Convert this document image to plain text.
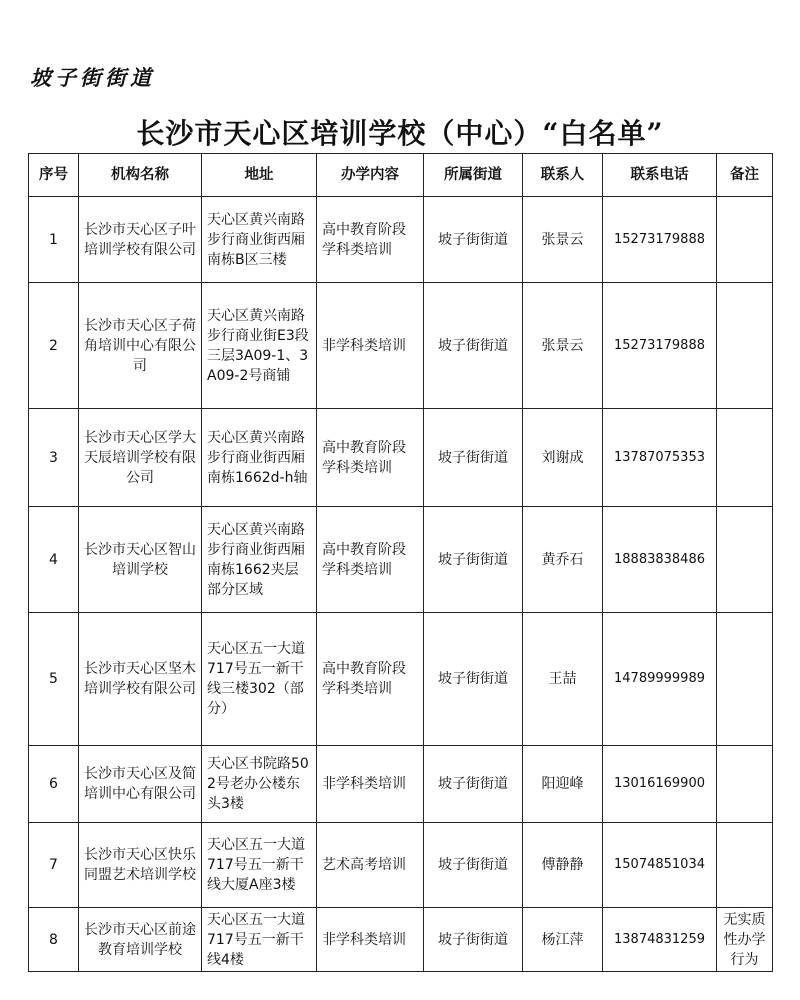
坡子街街道
长沙市天心区培训学校（中心）“白名单”
序号	机构名称	地址	办学内容	所属街道	联系人	联系电话	备注
1	长沙市天心区子叶培训学校有限公司	天心区黄兴南路步行商业街西厢南栋B区三楼	高中教育阶段学科类培训	坡子街街道	张景云	15273179888	
2	长沙市天心区子荷角培训中心有限公司	天心区黄兴南路步行商业街E3段三层3A09-1、3A09-2号商铺	非学科类培训	坡子街街道	张景云	15273179888	
3	长沙市天心区学大天辰培训学校有限公司	天心区黄兴南路步行商业街西厢南栋1662d-h轴	高中教育阶段学科类培训	坡子街街道	刘谢成	13787075353	
4	长沙市天心区智山培训学校	天心区黄兴南路步行商业街西厢南栋1662夹层部分区域	高中教育阶段学科类培训	坡子街街道	黄乔石	18883838486	
5	长沙市天心区坚木培训学校有限公司	天心区五一大道717号五一新干线三楼302（部分）	高中教育阶段学科类培训	坡子街街道	王喆	14789999989	
6	长沙市天心区及简培训中心有限公司	天心区书院路502号老办公楼东头3楼	非学科类培训	坡子街街道	阳迎峰	13016169900	
7	长沙市天心区快乐同盟艺术培训学校	天心区五一大道717号五一新干线大厦A座3楼	艺术高考培训	坡子街街道	傅静静	15074851034	
8	长沙市天心区前途教育培训学校	天心区五一大道717号五一新干线4楼	非学科类培训	坡子街街道	杨江萍	13874831259	无实质性办学行为
